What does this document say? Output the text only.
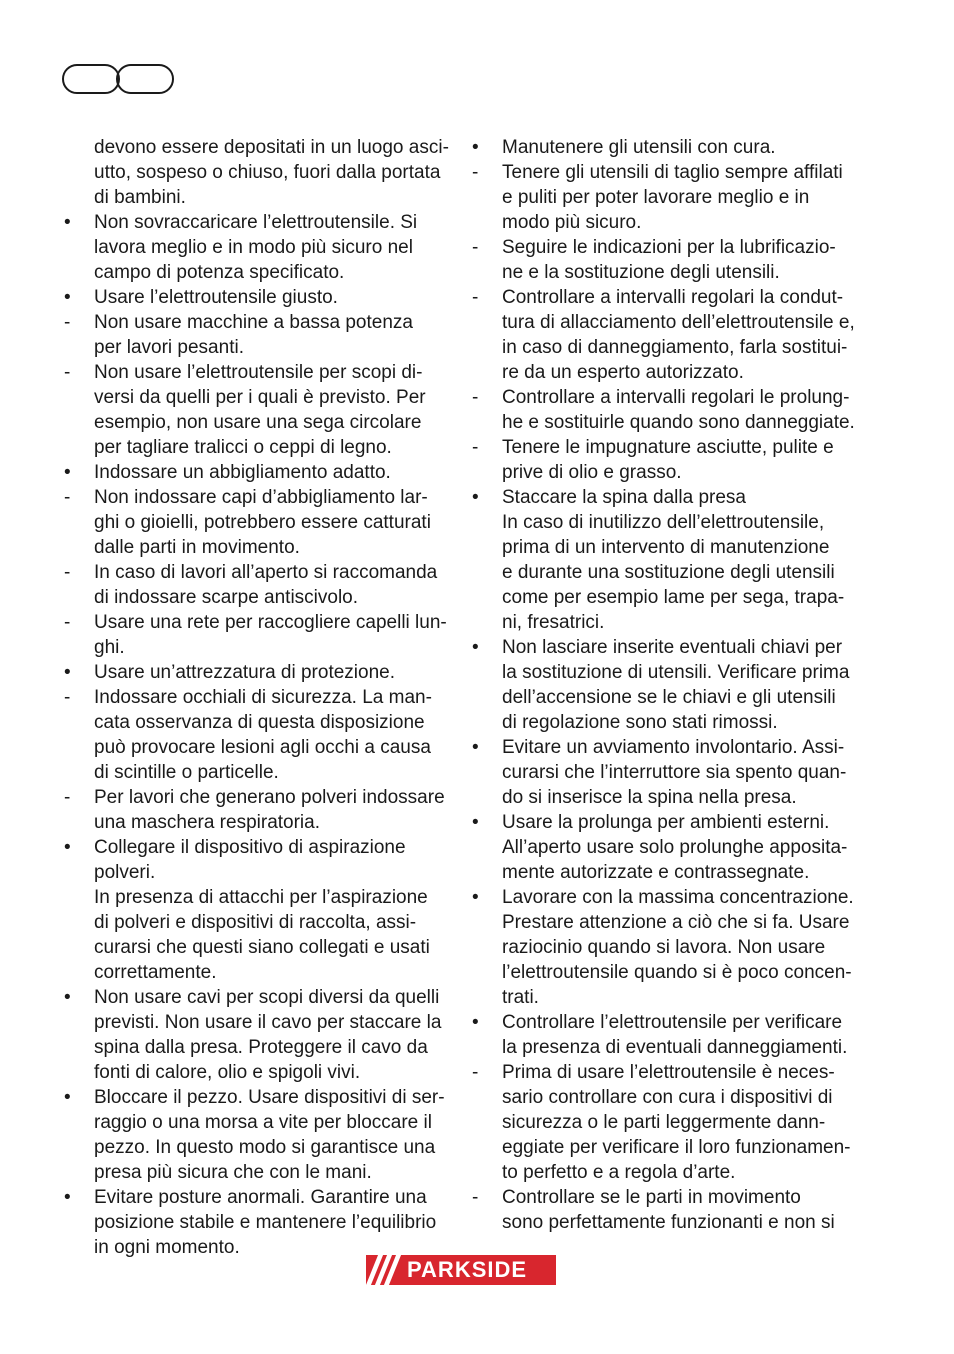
devono essere depositati in un luogo asci-
utto, sospeso o chiuso, fuori dalla portata
di bambini.
•	Non sovraccaricare l’elettroutensile. Si
lavora meglio e in modo più sicuro nel
campo di potenza specificato.
•	Usare l’elettroutensile giusto.
-	Non usare macchine a bassa potenza
per lavori pesanti.
-	Non usare l’elettroutensile per scopi di-
versi da quelli per i quali è previsto. Per
esempio, non usare una sega circolare
per tagliare tralicci o ceppi di legno.
•	Indossare un abbigliamento adatto.
-	Non indossare capi d’abbigliamento lar-
ghi o gioielli, potrebbero essere catturati
dalle parti in movimento.
-	In caso di lavori all’aperto si raccomanda
di indossare scarpe antiscivolo.
-	Usare una rete per raccogliere capelli lun-
ghi.
•	Usare un’attrezzatura di protezione.
-	Indossare occhiali di sicurezza. La man-
cata osservanza di questa disposizione
può provocare lesioni agli occhi a causa
di scintille o particelle.
-	Per lavori che generano polveri indossare
una maschera respiratoria.
•	Collegare il dispositivo di aspirazione
polveri.
In presenza di attacchi per l’aspirazione
di polveri e dispositivi di raccolta, assi-
curarsi che questi siano collegati e usati
correttamente.
•	Non usare cavi per scopi diversi da quelli
previsti. Non usare il cavo per staccare la
spina dalla presa. Proteggere il cavo da
fonti di calore, olio e spigoli vivi.
•	Bloccare il pezzo. Usare dispositivi di ser-
raggio o una morsa a vite per bloccare il
pezzo. In questo modo si garantisce una
presa più sicura che con le mani.
•	Evitare posture anormali. Garantire una
posizione stabile e mantenere l’equilibrio
in ogni momento.
•	Manutenere gli utensili con cura.
-	Tenere gli utensili di taglio sempre affilati
e puliti per poter lavorare meglio e in
modo più sicuro.
-	Seguire le indicazioni per la lubrificazio-
ne e la sostituzione degli utensili.
-	Controllare a intervalli regolari la condut-
tura di allacciamento dell’elettroutensile e,
in caso di danneggiamento, farla sostitui-
re da un esperto autorizzato.
-	Controllare a intervalli regolari le prolung-
he e sostituirle quando sono danneggiate.
-	Tenere le impugnature asciutte, pulite e
prive di olio e grasso.
•	Staccare la spina dalla presa
In caso di inutilizzo dell’elettroutensile,
prima di un intervento di manutenzione
e durante una sostituzione degli utensili
come per esempio lame per sega, trapa-
ni, fresatrici.
•	Non lasciare inserite eventuali chiavi per
la sostituzione di utensili. Verificare prima
dell’accensione se le chiavi e gli utensili
di regolazione sono stati rimossi.
•	Evitare un avviamento involontario. Assi-
curarsi che l’interruttore sia spento quan-
do si inserisce la spina nella presa.
•	Usare la prolunga per ambienti esterni.
All’aperto usare solo prolunghe apposita-
mente autorizzate e contrassegnate.
•	Lavorare con la massima concentrazione.
Prestare attenzione a ciò che si fa. Usare
raziocinio quando si lavora. Non usare
l’elettroutensile quando si è poco concen-
trati.
•	Controllare l’elettroutensile per verificare
la presenza di eventuali danneggiamenti.
-	Prima di usare l’elettroutensile è neces-
sario controllare con cura i dispositivi di
sicurezza o le parti leggermente dann-
eggiate per verificare il loro funzionamen-
to perfetto e a regola d’arte.
-	Controllare se le parti in movimento
sono perfettamente funzionanti e non si
PARKSIDE
